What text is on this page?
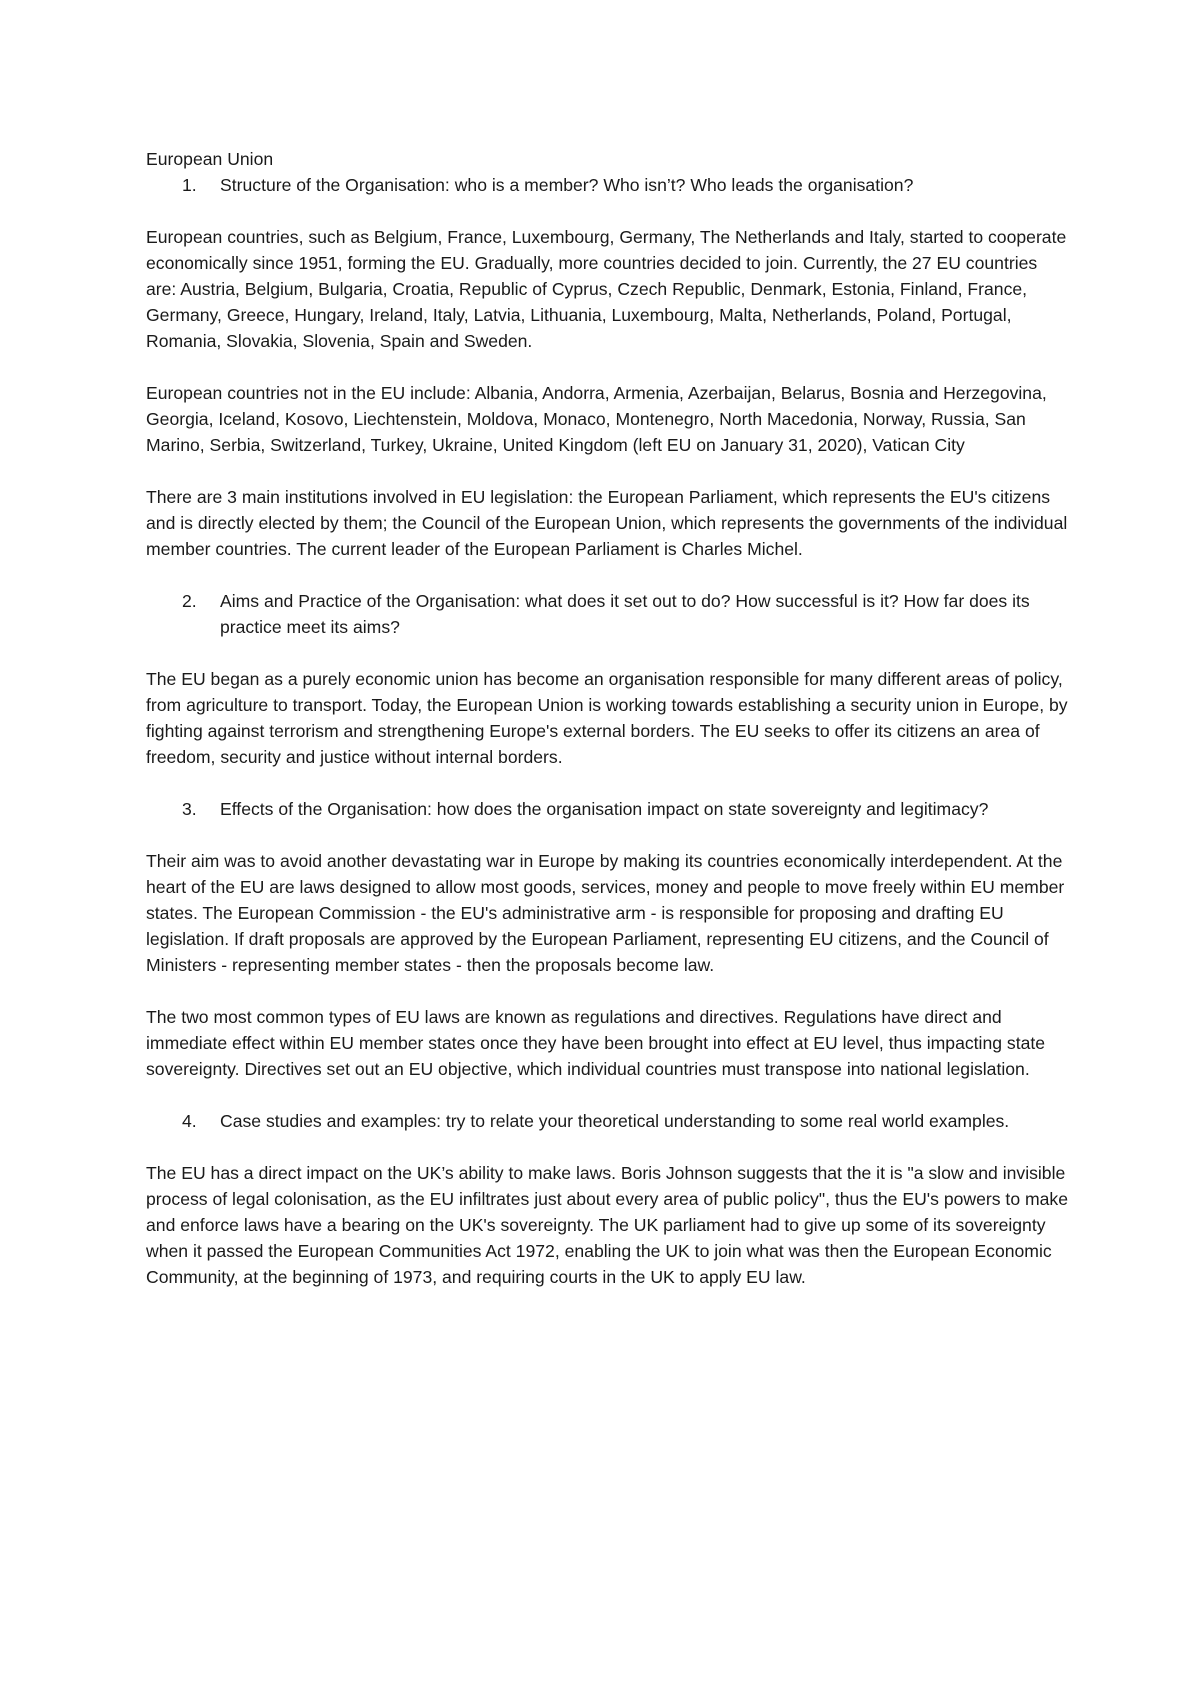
European Union

1. Structure of the Organisation: who is a member? Who isn’t? Who leads the organisation?

European countries, such as Belgium, France, Luxembourg, Germany, The Netherlands and Italy, started to cooperate economically since 1951, forming the EU. Gradually, more countries decided to join. Currently, the 27 EU countries are: Austria, Belgium, Bulgaria, Croatia, Republic of Cyprus, Czech Republic, Denmark, Estonia, Finland, France, Germany, Greece, Hungary, Ireland, Italy, Latvia, Lithuania, Luxembourg, Malta, Netherlands, Poland, Portugal, Romania, Slovakia, Slovenia, Spain and Sweden.

European countries not in the EU include: Albania, Andorra, Armenia, Azerbaijan, Belarus, Bosnia and Herzegovina, Georgia, Iceland, Kosovo, Liechtenstein, Moldova, Monaco, Montenegro, North Macedonia, Norway, Russia, San Marino, Serbia, Switzerland, Turkey, Ukraine, United Kingdom (left EU on January 31, 2020), Vatican City

There are 3 main institutions involved in EU legislation: the European Parliament, which represents the EU's citizens and is directly elected by them; the Council of the European Union, which represents the governments of the individual member countries. The current leader of the European Parliament is Charles Michel.

2. Aims and Practice of the Organisation: what does it set out to do? How successful is it? How far does its practice meet its aims?

The EU began as a purely economic union has become an organisation responsible for many different areas of policy, from agriculture to transport. Today, the European Union is working towards establishing a security union in Europe, by fighting against terrorism and strengthening Europe's external borders. The EU seeks to offer its citizens an area of freedom, security and justice without internal borders.

3. Effects of the Organisation: how does the organisation impact on state sovereignty and legitimacy?

Their aim was to avoid another devastating war in Europe by making its countries economically interdependent. At the heart of the EU are laws designed to allow most goods, services, money and people to move freely within EU member states. The European Commission - the EU's administrative arm - is responsible for proposing and drafting EU legislation. If draft proposals are approved by the European Parliament, representing EU citizens, and the Council of Ministers - representing member states - then the proposals become law.

The two most common types of EU laws are known as regulations and directives. Regulations have direct and immediate effect within EU member states once they have been brought into effect at EU level, thus impacting state sovereignty. Directives set out an EU objective, which individual countries must transpose into national legislation.

4. Case studies and examples: try to relate your theoretical understanding to some real world examples.

The EU has a direct impact on the UK’s ability to make laws. Boris Johnson suggests that the it is "a slow and invisible process of legal colonisation, as the EU infiltrates just about every area of public policy", thus the EU's powers to make and enforce laws have a bearing on the UK's sovereignty. The UK parliament had to give up some of its sovereignty when it passed the European Communities Act 1972, enabling the UK to join what was then the European Economic Community, at the beginning of 1973, and requiring courts in the UK to apply EU law.
